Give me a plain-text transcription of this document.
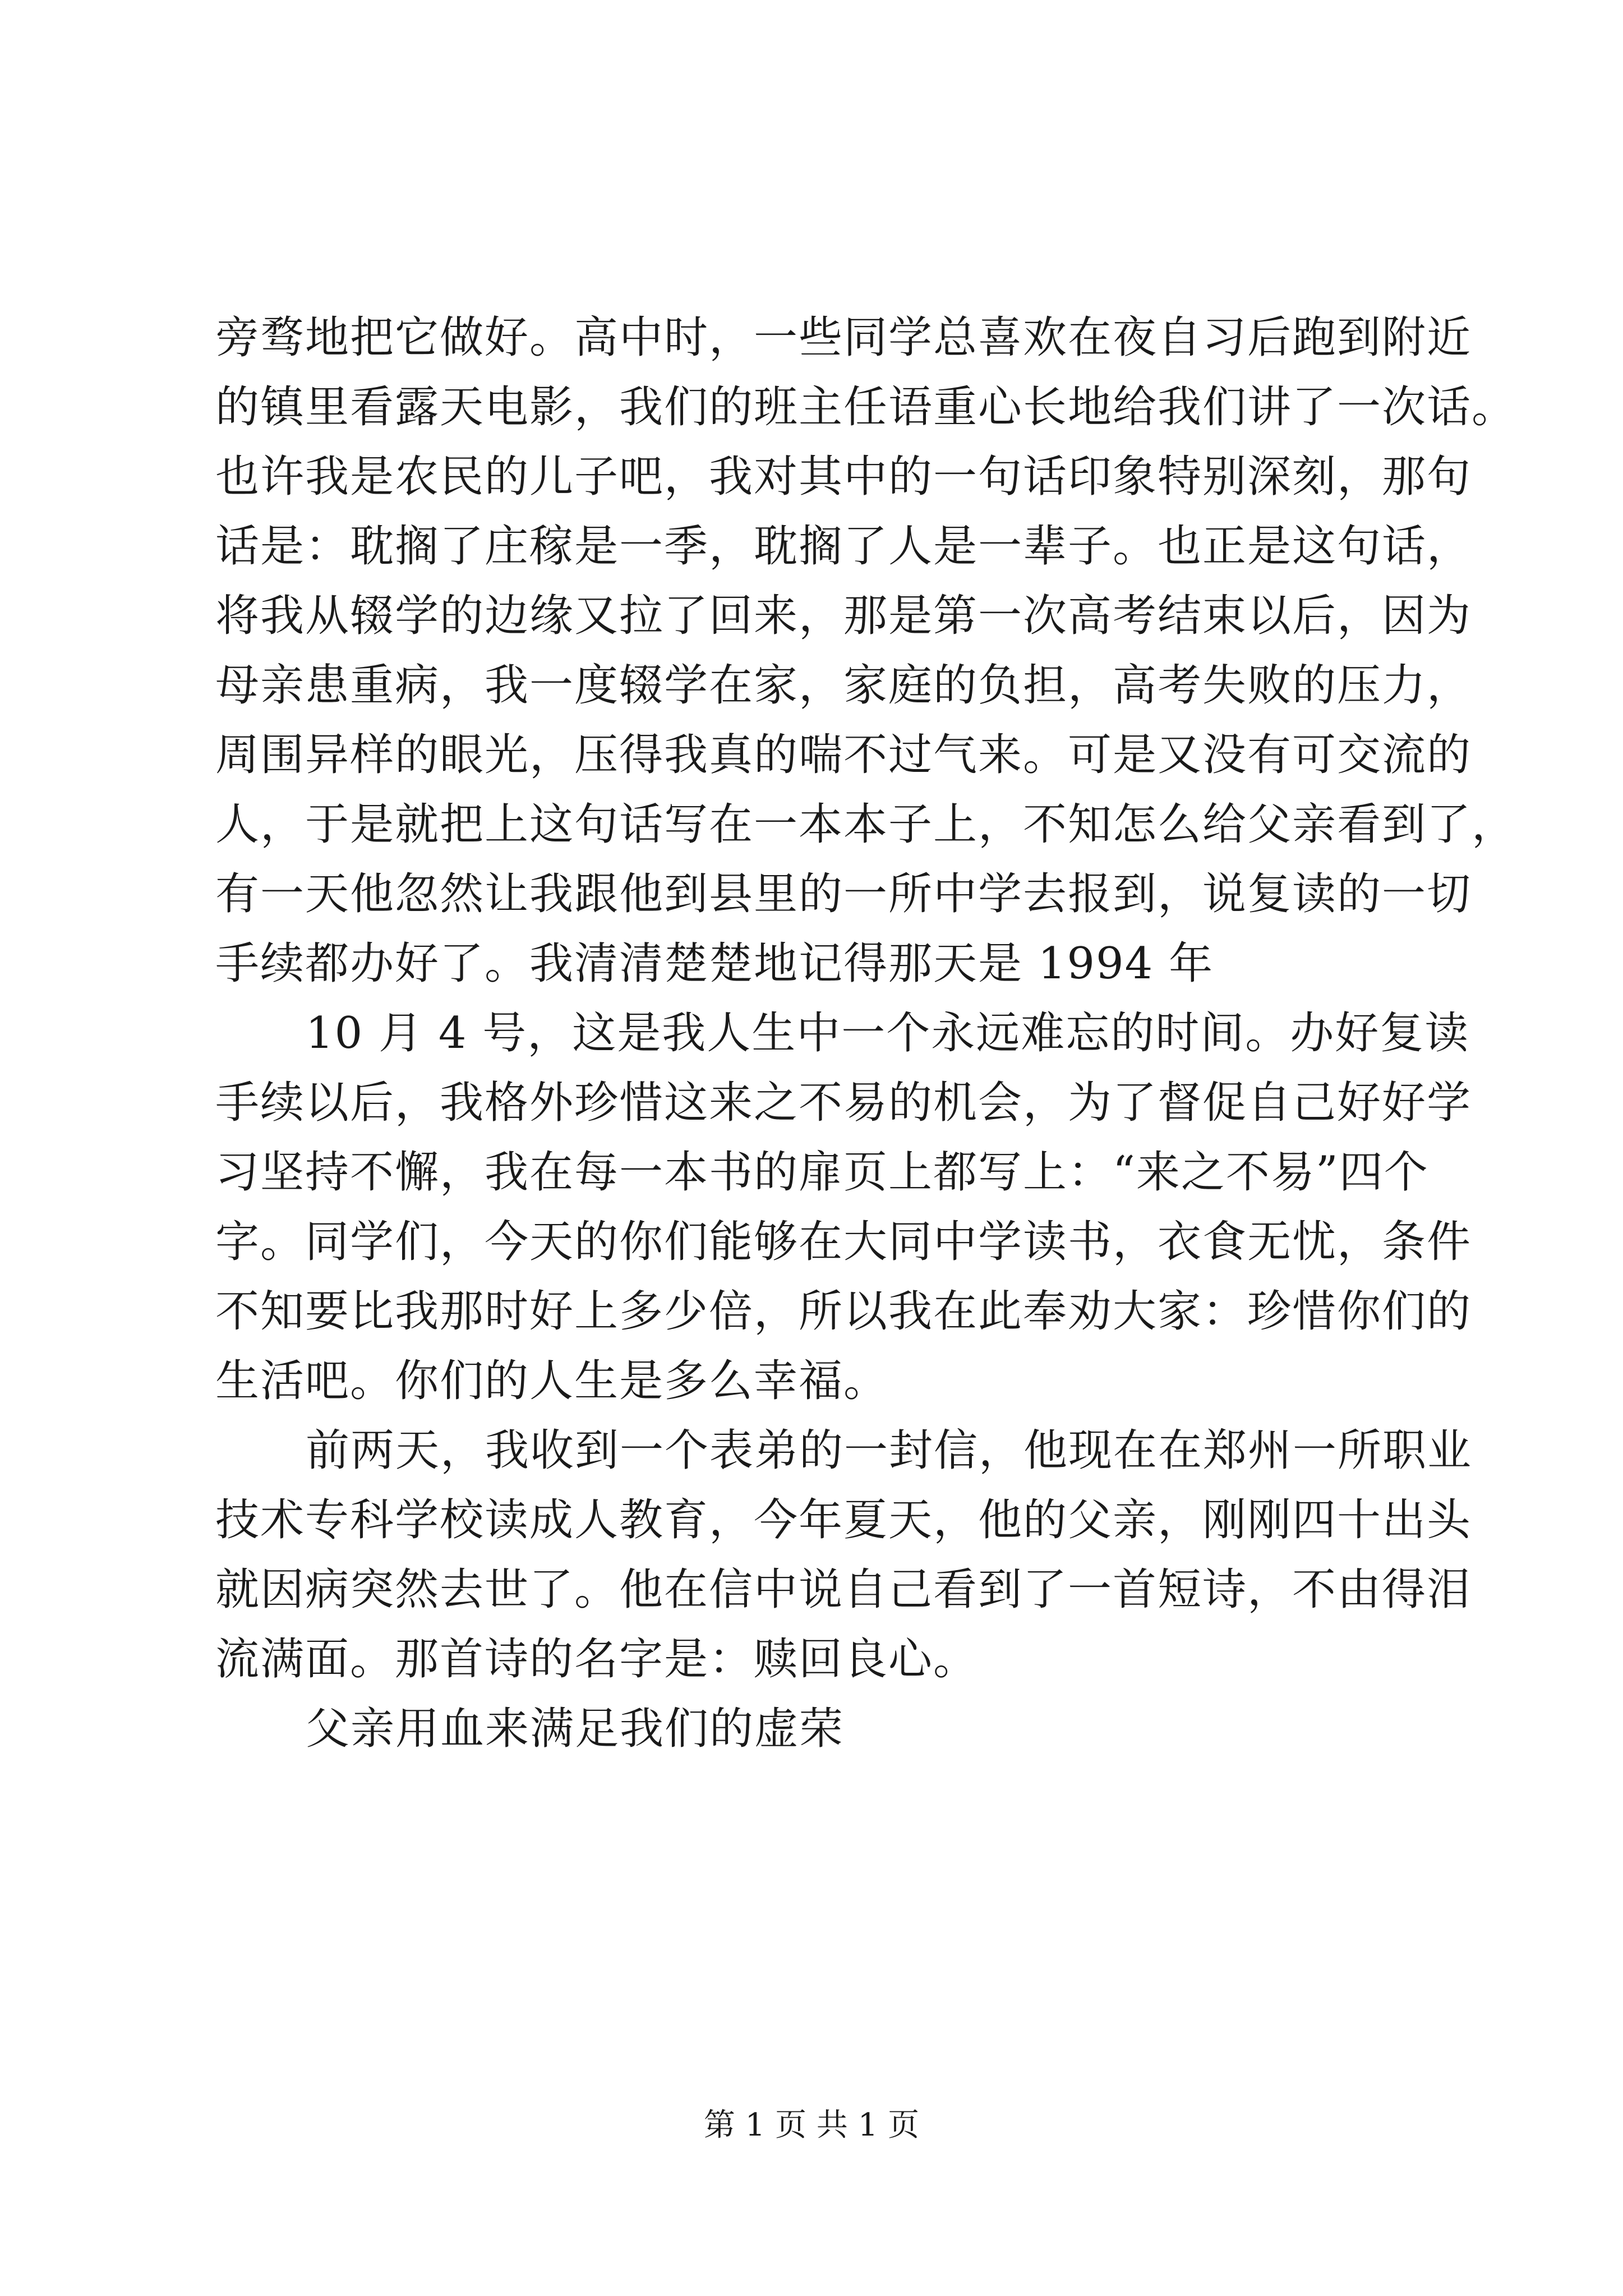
旁骛地把它做好。高中时，一些同学总喜欢在夜自习后跑到附近
的镇里看露天电影，我们的班主任语重心长地给我们讲了一次话。
也许我是农民的儿子吧，我对其中的一句话印象特别深刻，那句
话是：耽搁了庄稼是一季，耽搁了人是一辈子。也正是这句话，
将我从辍学的边缘又拉了回来，那是第一次高考结束以后，因为
母亲患重病，我一度辍学在家，家庭的负担，高考失败的压力，
周围异样的眼光，压得我真的喘不过气来。可是又没有可交流的
人，于是就把上这句话写在一本本子上，不知怎么给父亲看到了，
有一天他忽然让我跟他到县里的一所中学去报到，说复读的一切
手续都办好了。我清清楚楚地记得那天是 1994 年
10 月 4 号，这是我人生中一个永远难忘的时间。办好复读
手续以后，我格外珍惜这来之不易的机会，为了督促自己好好学
习坚持不懈，我在每一本书的扉页上都写上：“来之不易”四个
字。同学们，今天的你们能够在大同中学读书，衣食无忧，条件
不知要比我那时好上多少倍，所以我在此奉劝大家：珍惜你们的
生活吧。你们的人生是多么幸福。
前两天，我收到一个表弟的一封信，他现在在郑州一所职业
技术专科学校读成人教育，今年夏天，他的父亲，刚刚四十出头
就因病突然去世了。他在信中说自己看到了一首短诗，不由得泪
流满面。那首诗的名字是：赎回良心。
父亲用血来满足我们的虚荣
第 1 页 共 1 页
